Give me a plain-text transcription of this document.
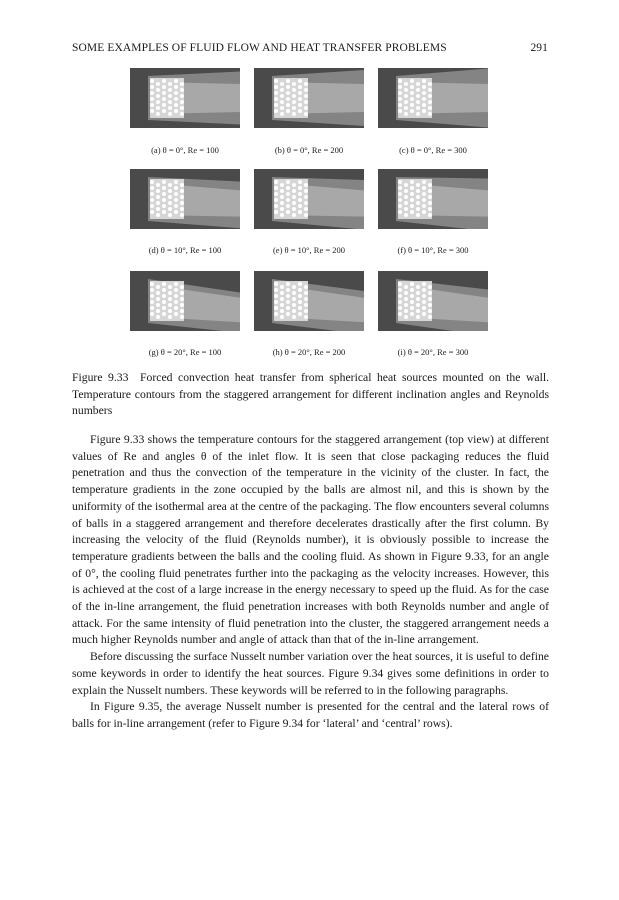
SOME EXAMPLES OF FLUID FLOW AND HEAT TRANSFER PROBLEMS	291
(a) θ = 0°, Re = 100	(b) θ = 0°, Re = 200	(c) θ = 0°, Re = 300
(d) θ = 10°, Re = 100	(e) θ = 10°, Re = 200	(f) θ = 10°, Re = 300
(g) θ = 20°, Re = 100	(h) θ = 20°, Re = 200	(i) θ = 20°, Re = 300
Figure 9.33 Forced convection heat transfer from spherical heat sources mounted on the wall. Temperature contours from the staggered arrangement for different inclination angles and Reynolds numbers

Figure 9.33 shows the temperature contours for the staggered arrangement (top view) at different values of Re and angles θ of the inlet flow. It is seen that close packaging reduces the fluid penetration and thus the convection of the temperature in the vicinity of the cluster. In fact, the temperature gradients in the zone occupied by the balls are almost nil, and this is shown by the uniformity of the isothermal area at the centre of the packaging. The flow encounters several columns of balls in a staggered arrangement and therefore decelerates drastically after the first column. By increasing the velocity of the fluid (Reynolds number), it is obviously possible to increase the temperature gradients between the balls and the cooling fluid. As shown in Figure 9.33, for an angle of 0°, the cooling fluid penetrates further into the packaging as the velocity increases. However, this is achieved at the cost of a large increase in the energy necessary to speed up the fluid. As for the case of the in-line arrangement, the fluid penetration increases with both Reynolds number and angle of attack. For the same intensity of fluid penetration into the cluster, the staggered arrangement needs a much higher Reynolds number and angle of attack than that of the in-line arrangement.

Before discussing the surface Nusselt number variation over the heat sources, it is useful to define some keywords in order to identify the heat sources. Figure 9.34 gives some definitions in order to explain the Nusselt numbers. These keywords will be referred to in the following paragraphs.

In Figure 9.35, the average Nusselt number is presented for the central and the lateral rows of balls for in-line arrangement (refer to Figure 9.34 for ‘lateral’ and ‘central’ rows).
